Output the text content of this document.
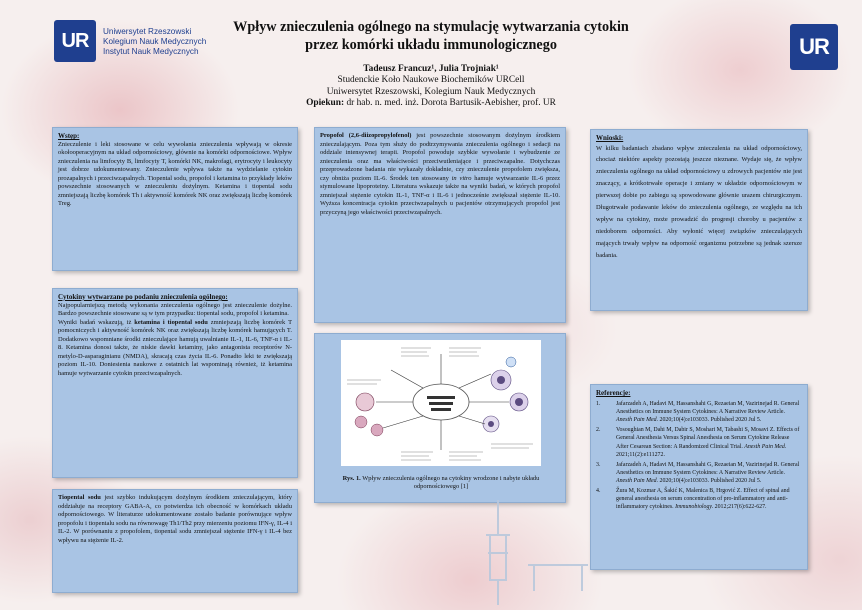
UR Uniwersytet Rzeszowski
Kolegium Nauk Medycznych
Instytut Nauk Medycznych	UR
Wpływ znieczulenia ogólnego na stymulację wytwarzania cytokin
przez komórki układu immunologicznego
Tadeusz Francuz¹, Julia Trojniak¹
Studenckie Koło Naukowe Biochemików URCell
Uniwersytet Rzeszowski, Kolegium Nauk Medycznych
Opiekun: dr hab. n. med. inż. Dorota Bartusik-Aebisher, prof. UR
Wstęp:

Znieczulenie i leki stosowane w celu wywołania znieczulenia wpływają w okresie okołooperacyjnym na układ odpornościowy, głównie na komórki odpornościowe. Wpływ znieczulenia na limfocyty B, limfocyty T, komórki NK, makrofagi, erytrocyty i leukocyty jest dobrze udokumentowany. Znieczulenie wpływa także na wydzielanie cytokin prozapalnych i przeciwzapalnych. Tiopental sodu, propofol i ketamina to przykłady leków powszechnie stosowanych w znieczuleniu dożylnym. Ketamina i tiopental sodu zmniejszają liczbę komórek Th i aktywność komórek NK oraz zwiększają liczbę komórek Treg.

Cytokiny wytwarzane po podaniu znieczulenia ogólnego:

Najpopularniejszą metodą wykonania znieczulenia ogólnego jest znieczulenie dożylne. Bardzo powszechnie stosowane są w tym przypadku: tiopental sodu, propofol i ketamina.

Wyniki badań wskazują, iż ketamina i tiopental sodu zmniejszają liczbę komórek T pomocniczych i aktywność komórek NK oraz zwiększają liczbę komórek hamujących T. Dodatkowo wspomniane środki znieczulające hamują uwalnianie IL-1, IL-6, TNF-α i IL-8. Ketamina donosi także, że niskie dawki ketaminy, jako antagonista receptorów N-metylo-D-asparaginianu (NMDA), skracają czas życia IL-6. Ponadto leki te zwiększają poziom IL-10. Doniesienia naukowe z ostatnich lat wspominają również, iż ketamina hamuje wytwarzanie cytokin przeciwzapalnych.

Tiopental sodu jest szybko indukującym dożylnym środkiem znieczulającym, który oddziałuje na receptory GABA-A, co potwierdza ich obecność w komórkach układu odpornościowego. W literaturze udokumentowane zostało badanie porównujące wpływ propofolu i tiopentalu sodu na równowagę Th1/Th2 przy mierzeniu poziomu IFN-γ, IL-4 i IL-2. W porównaniu z propofolem, tiopental sodu zmniejszał stężenie IFN-γ i IL-4 bez wpływu na stężenie IL-2.

Propofol (2,6-diizopropylofenol) jest powszechnie stosowanym dożylnym środkiem znieczulającym. Poza tym służy do podtrzymywania znieczulenia ogólnego i sedacji na oddziale intensywnej terapii. Propofol powoduje szybkie wywołanie i wybudzenie ze znieczulenia oraz ma właściwości przeciwutleniające i przeciwzapalne. Dotychczas przeprowadzone badania nie wykazały dokładnie, czy znieczulenie propofolem zwiększa, czy obniża poziom IL-6. Środek ten stosowany in vitro hamuje wytwarzanie IL-6 przez stymulowane lipoproteiny. Literatura wskazuje także na wyniki badań, w których propofol zmniejszał stężenie cytokin IL-1, TNF-α i IL-6 i jednocześnie zwiększał stężenie IL-10. Wyższa koncentracja cytokin przeciwzapalnych u pacjentów otrzymujących propofol jest przyczyną jego właściwości przeciwzapalnych.

Rys. 1. Wpływ znieczulenia ogólnego na cytokiny wrodzone i nabyte układu odpornościowego [1]
Wnioski:

W kilku badaniach zbadano wpływ znieczulenia na układ odpornościowy, chociaż niektóre aspekty pozostają jeszcze nieznane. Wydaje się, że wpływ znieczulenia ogólnego na układ odpornościowy u zdrowych pacjentów nie jest znaczący, a krótkotrwałe operacje i zmiany w układzie odpornościowym w pierwszej dobie po zabiegu są spowodowane głównie urazem chirurgicznym. Długotrwałe podawanie leków do znieczulenia ogólnego, ze względu na ich wpływ na cytokiny, może prowadzić do progresji choroby u pacjentów z niedoborem odporności. Aby wyłonić więcej związków znieczulających mających trwały wpływ na odporność organizmu potrzebne są jednak szersze badania.

Referencje:
1.	Jafarzadeh A, Hadavi M, Hassanshahi G, Rezaeian M, Vazirinejad R. General Anesthetics on Immune System Cytokines: A Narrative Review Article. Anesth Pain Med. 2020;10(4):e103033. Published 2020 Jul 5.
2.	Vosoughian M, Dahi M, Dabir S, Moshari M, Tabashi S, Mosavi Z. Effects of General Anesthesia Versus Spinal Anesthesia on Serum Cytokine Release After Cesarean Section: A Randomized Clinical Trial. Anesth Pain Med. 2021;11(2):e111272.
3.	Jafarzadeh A, Hadavi M, Hassanshahi G, Rezaeian M, Vazirinejad R. General Anesthetics on Immune System Cytokines: A Narrative Review Article. Anesth Pain Med. 2020;10(4):e103033. Published 2020 Jul 5.
4.	Žura M, Kozmar A, Šakić K, Malenica B, Hrgović Z. Effect of spinal and general anesthesia on serum concentration of pro-inflammatory and anti-inflammatory cytokines. Immunobiology. 2012;217(6):622-627.
